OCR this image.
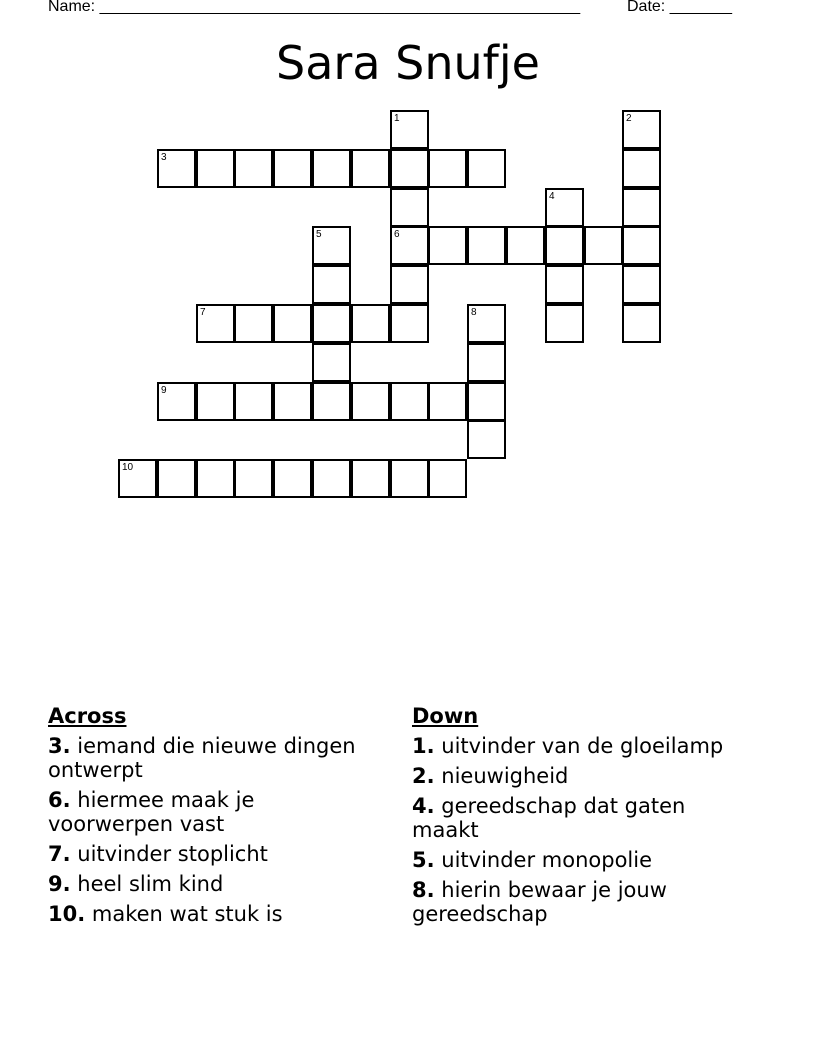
Name: ______________________________________________________	Date: _______
Sara Snufje
3
1
6
2
4
5
7	8
9
10
Across
3. iemand die nieuwe dingen ontwerpt
6. hiermee maak je voorwerpen vast
7. uitvinder stoplicht
9. heel slim kind
10. maken wat stuk is
Down
1. uitvinder van de gloeilamp
2. nieuwigheid
4. gereedschap dat gaten maakt
5. uitvinder monopolie
8. hierin bewaar je jouw gereedschap
